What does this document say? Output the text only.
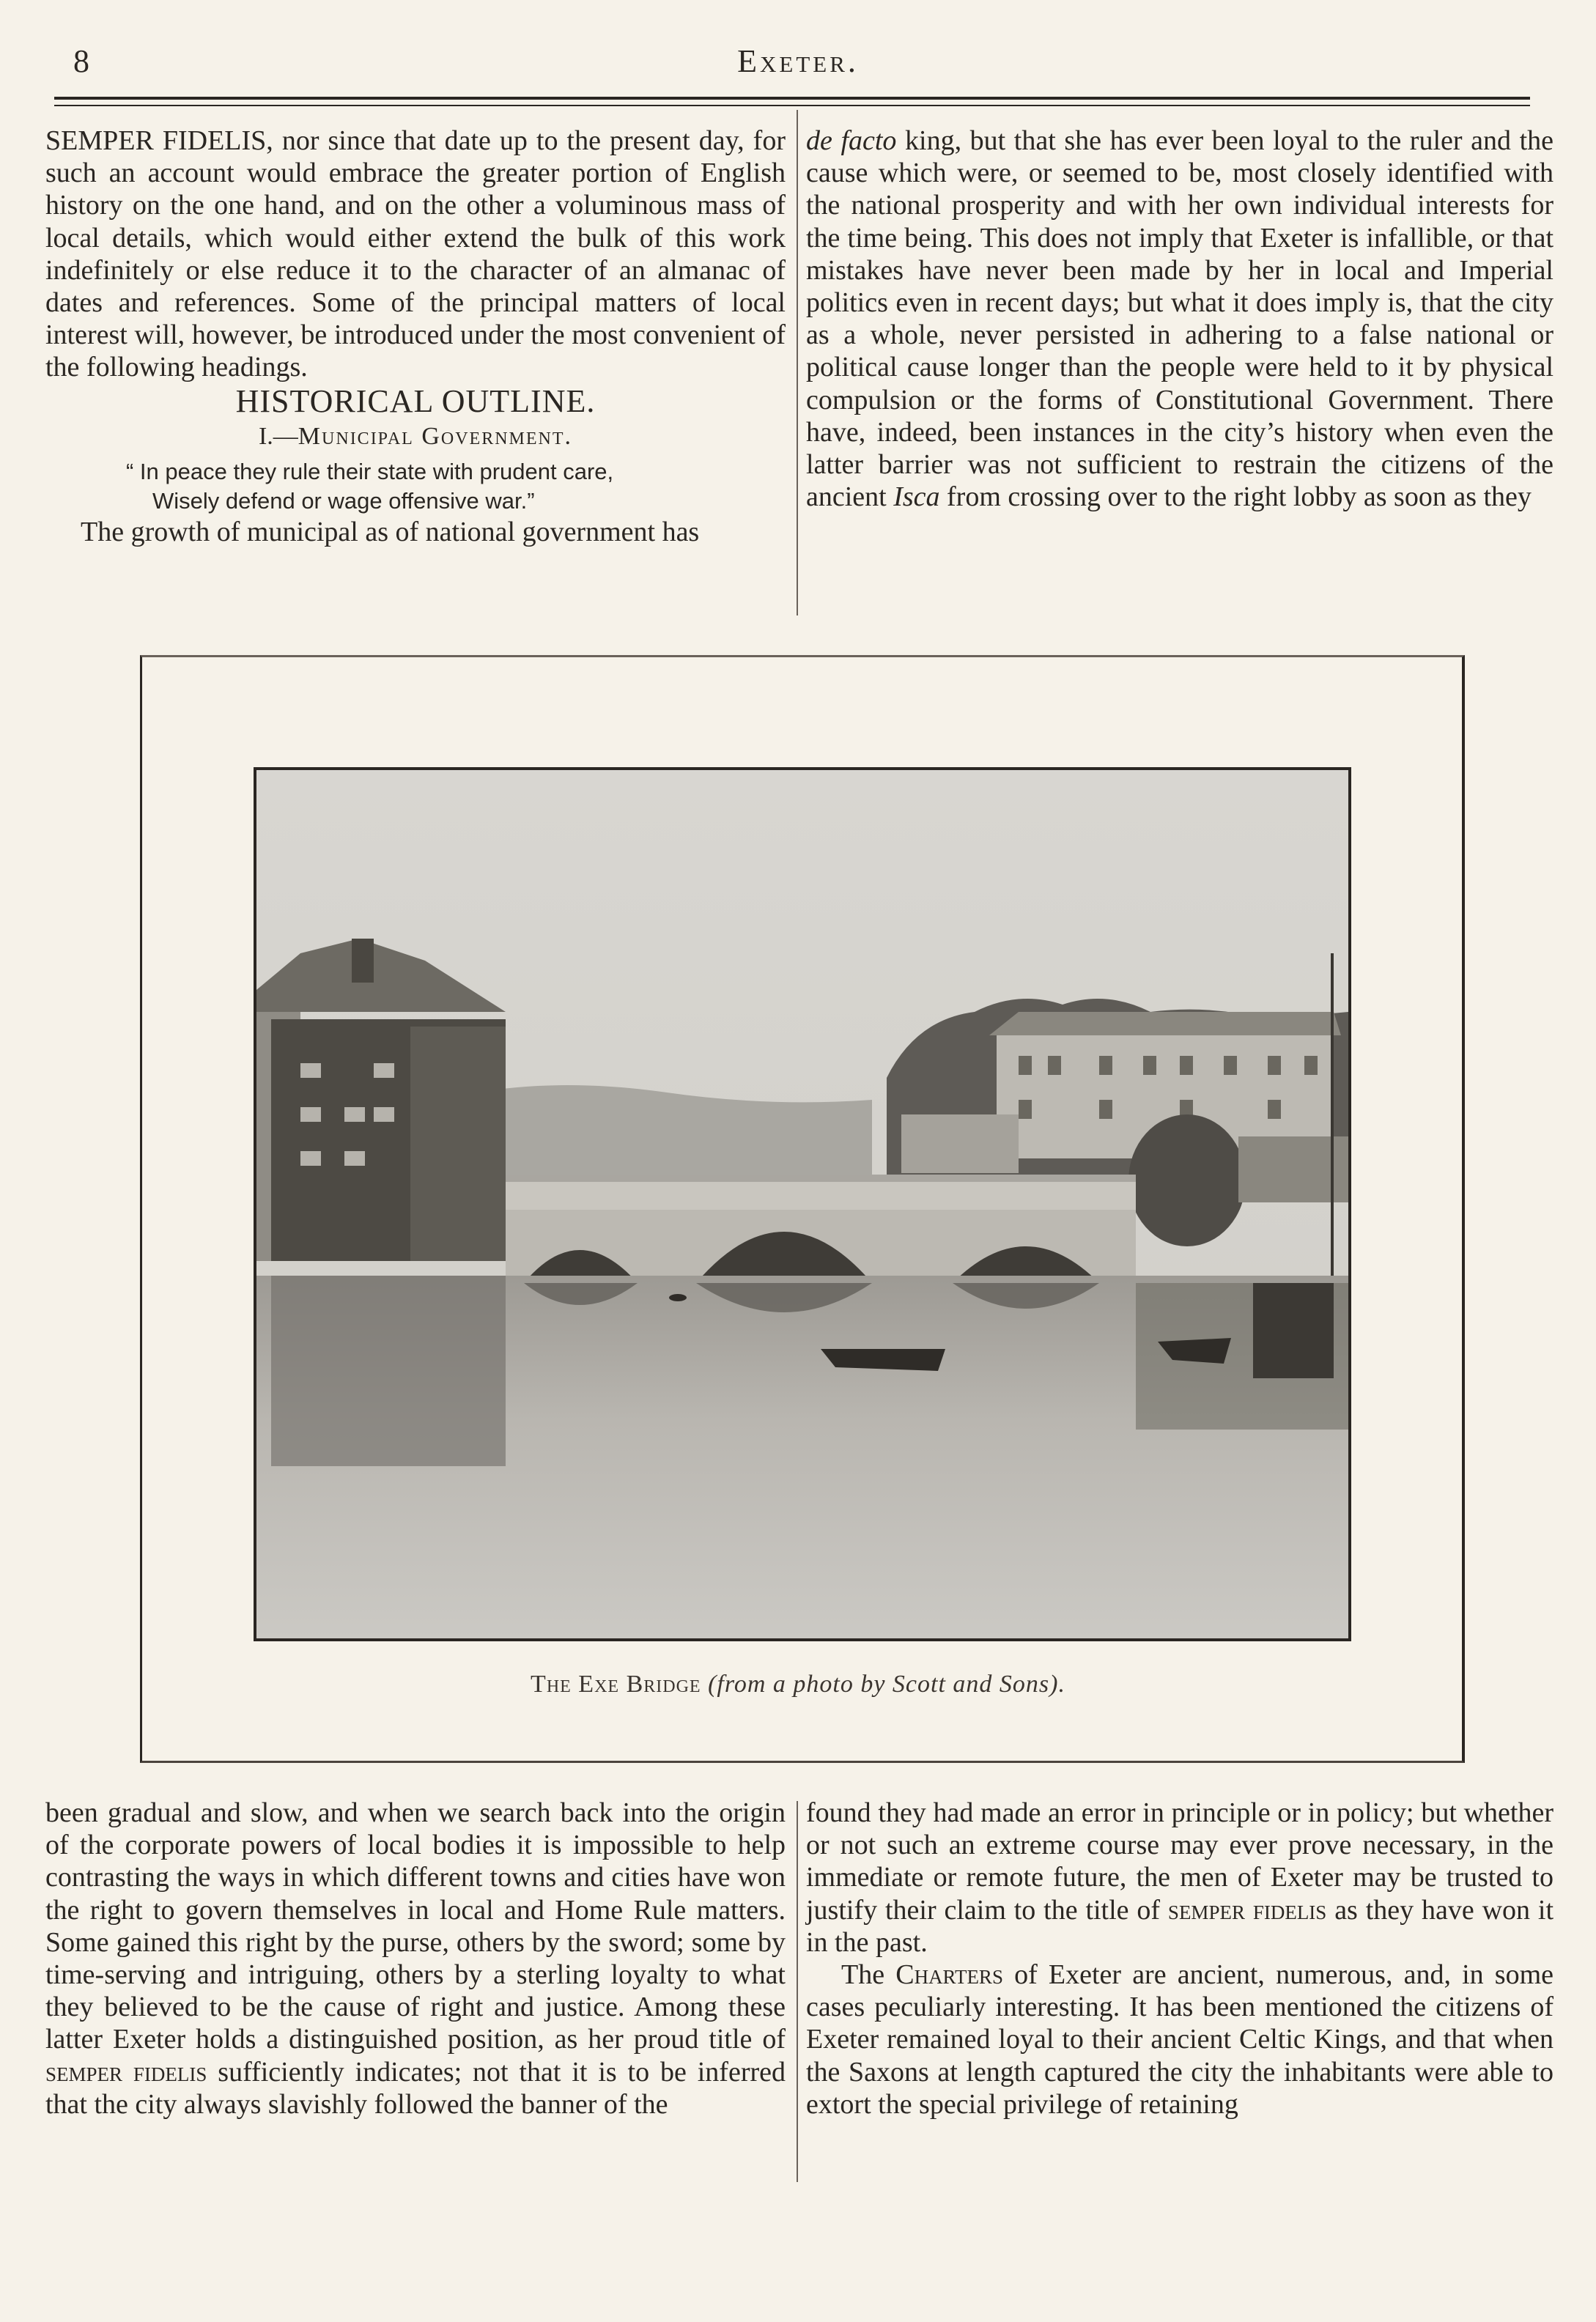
8	Exeter.

SEMPER FIDELIS, nor since that date up to the present day, for such an account would embrace the greater portion of English history on the one hand, and on the other a voluminous mass of local details, which would either extend the bulk of this work indefinitely or else reduce it to the character of an almanac of dates and references. Some of the principal matters of local interest will, however, be introduced under the most convenient of the following headings.

HISTORICAL OUTLINE.
I.—Municipal Government.

“ In peace they rule their state with prudent care,

Wisely defend or wage offensive war.”

The growth of municipal as of national government has

de facto king, but that she has ever been loyal to the ruler and the cause which were, or seemed to be, most closely identified with the national prosperity and with her own individual interests for the time being. This does not imply that Exeter is infallible, or that mistakes have never been made by her in local and Imperial politics even in recent days; but what it does imply is, that the city as a whole, never persisted in adhering to a false national or political cause longer than the people were held to it by physical compulsion or the forms of Constitutional Government. There have, indeed, been instances in the city’s history when even the latter barrier was not sufficient to restrain the citizens of the ancient Isca from crossing over to the right lobby as soon as they

The Exe Bridge (from a photo by Scott and Sons).

been gradual and slow, and when we search back into the origin of the corporate powers of local bodies it is impossible to help contrasting the ways in which different towns and cities have won the right to govern themselves in local and Home Rule matters. Some gained this right by the purse, others by the sword; some by time-serving and intriguing, others by a sterling loyalty to what they believed to be the cause of right and justice. Among these latter Exeter holds a distinguished position, as her proud title of semper fidelis sufficiently indicates; not that it is to be inferred that the city always slavishly followed the banner of the

found they had made an error in principle or in policy; but whether or not such an extreme course may ever prove necessary, in the immediate or remote future, the men of Exeter may be trusted to justify their claim to the title of semper fidelis as they have won it in the past.

The Charters of Exeter are ancient, numerous, and, in some cases peculiarly interesting. It has been mentioned the citizens of Exeter remained loyal to their ancient Celtic Kings, and that when the Saxons at length captured the city the inhabitants were able to extort the special privilege of retaining
